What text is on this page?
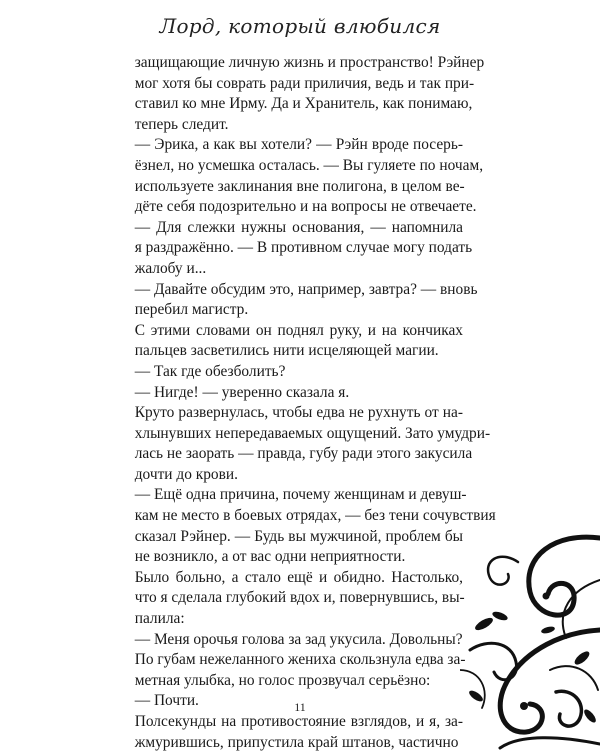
Лорд, который влюбился

защищающие личную жизнь и пространство! Рэйнер
мог хотя бы соврать ради приличия, ведь и так при-
ставил ко мне Ирму. Да и Хранитель, как понимаю,
теперь следит.

— Эрика, а как вы хотели? — Рэйн вроде посерь-
ёзнел, но усмешка осталась. — Вы гуляете по ночам,
используете заклинания вне полигона, в целом ве-
дёте себя подозрительно и на вопросы не отвечаете.

— Для слежки нужны основания, — напомнила
я раздражённо. — В противном случае могу подать
жалобу и...

— Давайте обсудим это, например, завтра? — вновь
перебил магистр.

С этими словами он поднял руку, и на кончиках
пальцев засветились нити исцеляющей магии.

— Так где обезболить?

— Нигде! — уверенно сказала я.

Круто развернулась, чтобы едва не рухнуть от на-
хлынувших непередаваемых ощущений. Зато умудри-
лась не заорать — правда, губу ради этого закусила
дочти до крови.

— Ещё одна причина, почему женщинам и девуш-
кам не место в боевых отрядах, — без тени сочувствия
сказал Рэйнер. — Будь вы мужчиной, проблем бы
не возникло, а от вас одни неприятности.

Было больно, а стало ещё и обидно. Настолько,
что я сделала глубокий вдох и, повернувшись, вы-
палила:

— Меня орочья голова за зад укусила. Довольны?

По губам нежеланного жениха скользнула едва за-
метная улыбка, но голос прозвучал серьёзно:

— Почти.

Полсекунды на противостояние взглядов, и я, за-
жмурившись, припустила край штанов, частично

11
